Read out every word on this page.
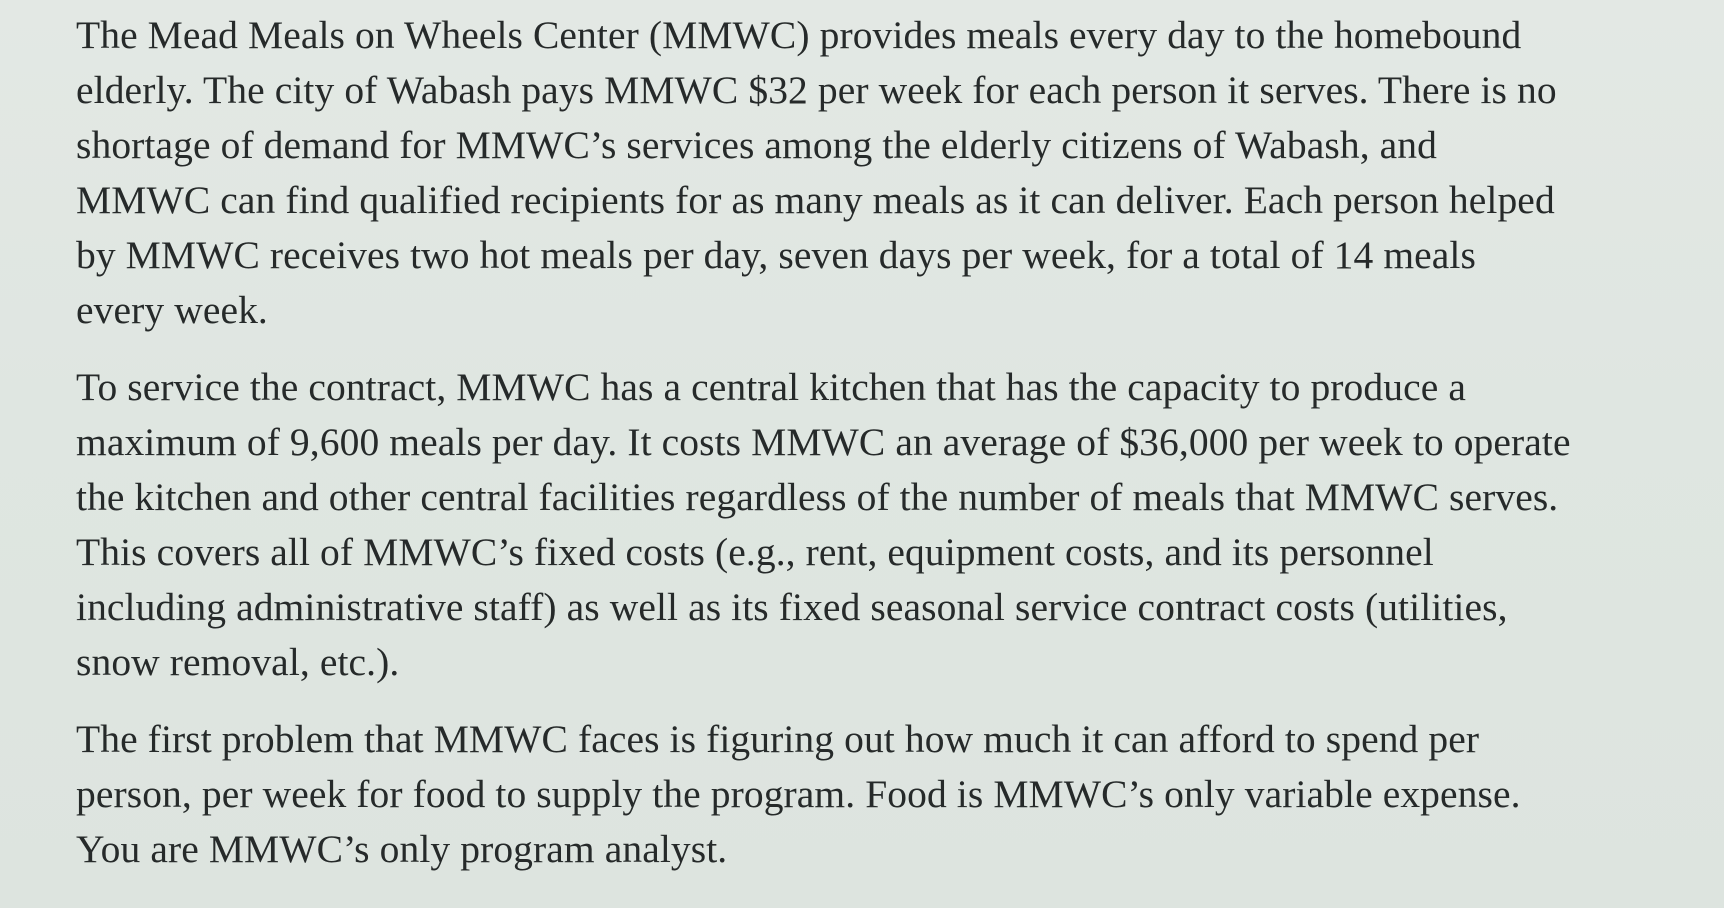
The Mead Meals on Wheels Center (MMWC) provides meals every day to the homebound elderly. The city of Wabash pays MMWC $32 per week for each person it serves. There is no shortage of demand for MMWC’s services among the elderly citizens of Wabash, and MMWC can find qualified recipients for as many meals as it can deliver. Each person helped by MMWC receives two hot meals per day, seven days per week, for a total of 14 meals every week.

To service the contract, MMWC has a central kitchen that has the capacity to produce a maximum of 9,600 meals per day. It costs MMWC an average of $36,000 per week to operate the kitchen and other central facilities regardless of the number of meals that MMWC serves. This covers all of MMWC’s fixed costs (e.g., rent, equipment costs, and its personnel including administrative staff) as well as its fixed seasonal service contract costs (utilities, snow removal, etc.).

The first problem that MMWC faces is figuring out how much it can afford to spend per person, per week for food to supply the program. Food is MMWC’s only variable expense. You are MMWC’s only program analyst.
